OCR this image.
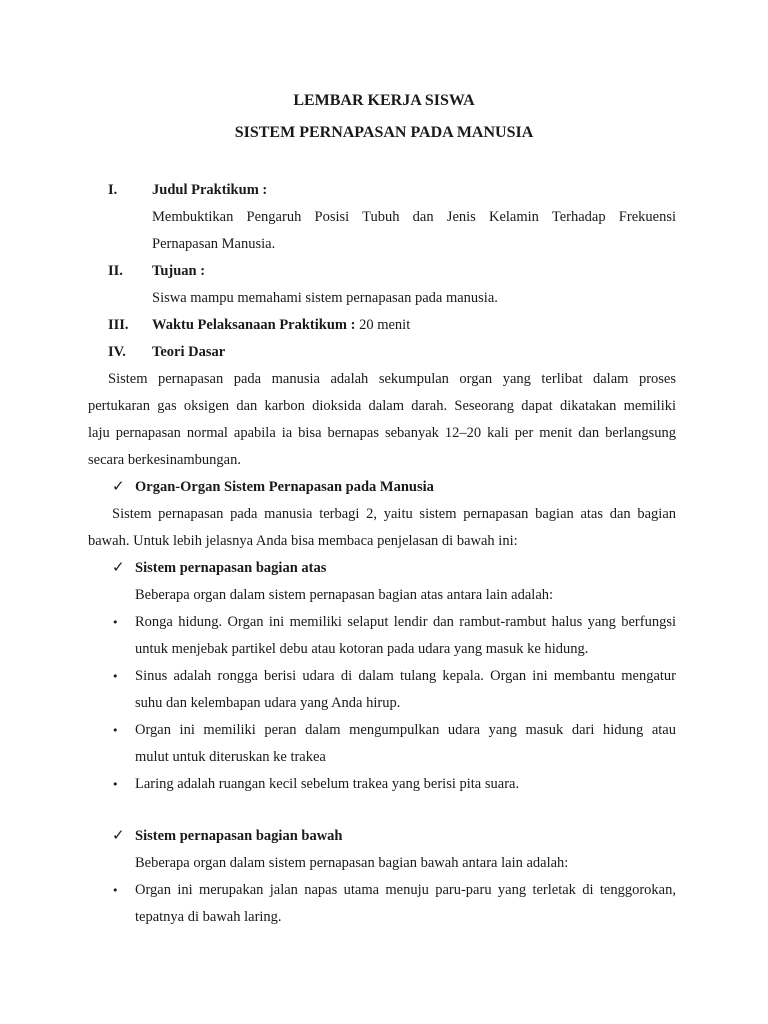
LEMBAR KERJA SISWA
SISTEM PERNAPASAN PADA MANUSIA
I. Judul Praktikum :
Membuktikan Pengaruh Posisi Tubuh dan Jenis Kelamin Terhadap Frekuensi
Pernapasan Manusia.
II. Tujuan :
Siswa mampu memahami sistem pernapasan pada manusia.
III. Waktu Pelaksanaan Praktikum : 20 menit
IV. Teori Dasar
Sistem pernapasan pada manusia adalah sekumpulan organ yang terlibat dalam proses
pertukaran gas oksigen dan karbon dioksida dalam darah. Seseorang dapat dikatakan memiliki
laju pernapasan normal apabila ia bisa bernapas sebanyak 12–20 kali per menit dan berlangsung
secara berkesinambungan.
✓ Organ-Organ Sistem Pernapasan pada Manusia
Sistem pernapasan pada manusia terbagi 2, yaitu sistem pernapasan bagian atas dan bagian
bawah. Untuk lebih jelasnya Anda bisa membaca penjelasan di bawah ini:
✓ Sistem pernapasan bagian atas
Beberapa organ dalam sistem pernapasan bagian atas antara lain adalah:
• Ronga hidung. Organ ini memiliki selaput lendir dan rambut-rambut halus yang berfungsi
untuk menjebak partikel debu atau kotoran pada udara yang masuk ke hidung.
• Sinus adalah rongga berisi udara di dalam tulang kepala. Organ ini membantu mengatur
suhu dan kelembapan udara yang Anda hirup.
• Organ ini memiliki peran dalam mengumpulkan udara yang masuk dari hidung atau
mulut untuk diteruskan ke trakea
• Laring adalah ruangan kecil sebelum trakea yang berisi pita suara.
✓ Sistem pernapasan bagian bawah
Beberapa organ dalam sistem pernapasan bagian bawah antara lain adalah:
• Organ ini merupakan jalan napas utama menuju paru-paru yang terletak di tenggorokan,
tepatnya di bawah laring.
